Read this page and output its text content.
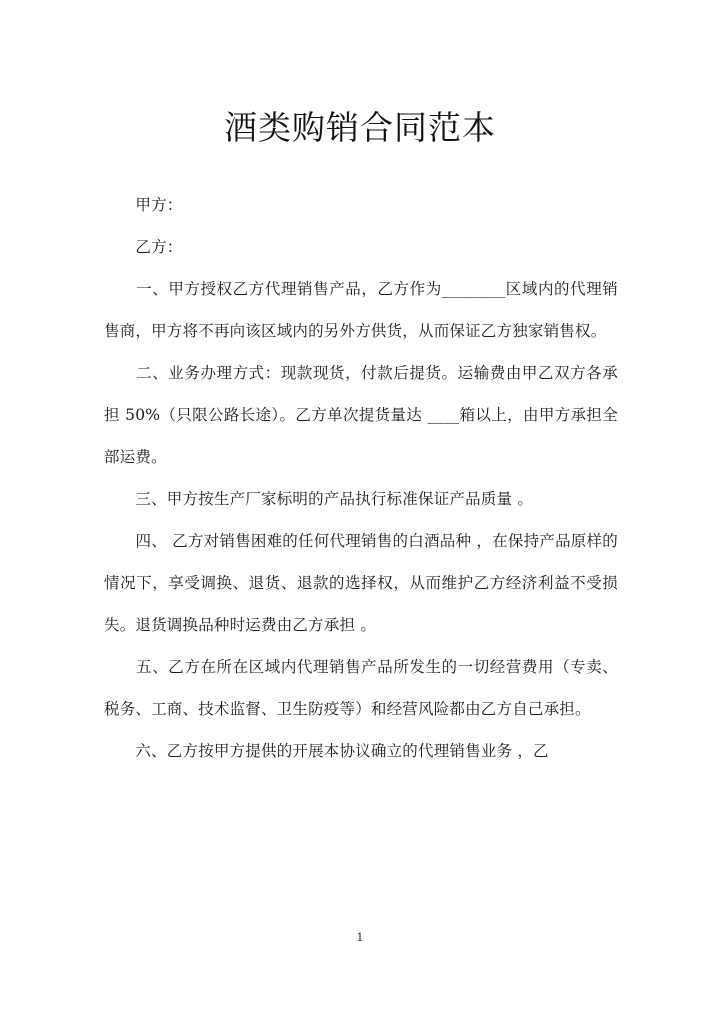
酒类购销合同范本

　　甲方：

　　乙方：

　　一、甲方授权乙方代理销售产品，乙方作为________区域内的代理销售商，甲方将不再向该区域内的另外方供货，从而保证乙方独家销售权。

　　二、业务办理方式：现款现货，付款后提货。运输费由甲乙双方各承担 50%（只限公路长途）。乙方单次提货量达 ____箱以上，由甲方承担全部运费。

　　三、甲方按生产厂家标明的产品执行标准保证产品质量 。

　　四、 乙方对销售困难的任何代理销售的白酒品种 ，在保持产品原样的情况下，享受调换、退货、退款的选择权，从而维护乙方经济利益不受损失。退货调换品种时运费由乙方承担 。

　　五、乙方在所在区域内代理销售产品所发生的一切经营费用（专卖、税务、工商、技术监督、卫生防疫等）和经营风险都由乙方自己承担。

　　六、乙方按甲方提供的开展本协议确立的代理销售业务 ，乙

1
